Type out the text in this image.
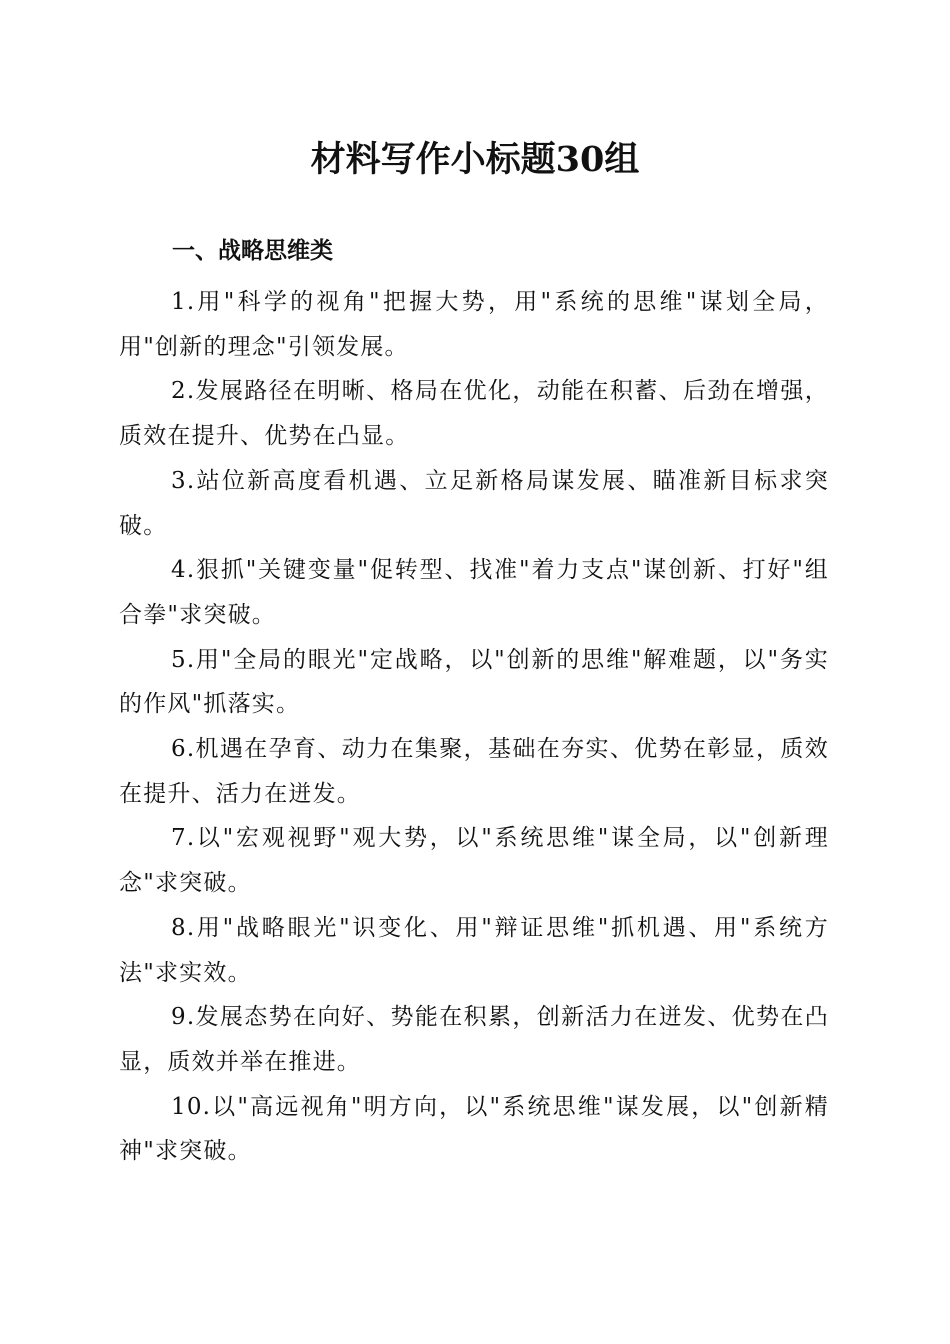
材料写作小标题30组
一、战略思维类
1.用"科学的视角"把握大势，用"系统的思维"谋划全局，用"创新的理念"引领发展。
2.发展路径在明晰、格局在优化，动能在积蓄、后劲在增强，质效在提升、优势在凸显。
3.站位新高度看机遇、立足新格局谋发展、瞄准新目标求突破。
4.狠抓"关键变量"促转型、找准"着力支点"谋创新、打好"组合拳"求突破。
5.用"全局的眼光"定战略，以"创新的思维"解难题，以"务实的作风"抓落实。
6.机遇在孕育、动力在集聚，基础在夯实、优势在彰显，质效在提升、活力在迸发。
7.以"宏观视野"观大势，以"系统思维"谋全局，以"创新理念"求突破。
8.用"战略眼光"识变化、用"辩证思维"抓机遇、用"系统方法"求实效。
9.发展态势在向好、势能在积累，创新活力在迸发、优势在凸显，质效并举在推进。
10.以"高远视角"明方向，以"系统思维"谋发展，以"创新精神"求突破。
